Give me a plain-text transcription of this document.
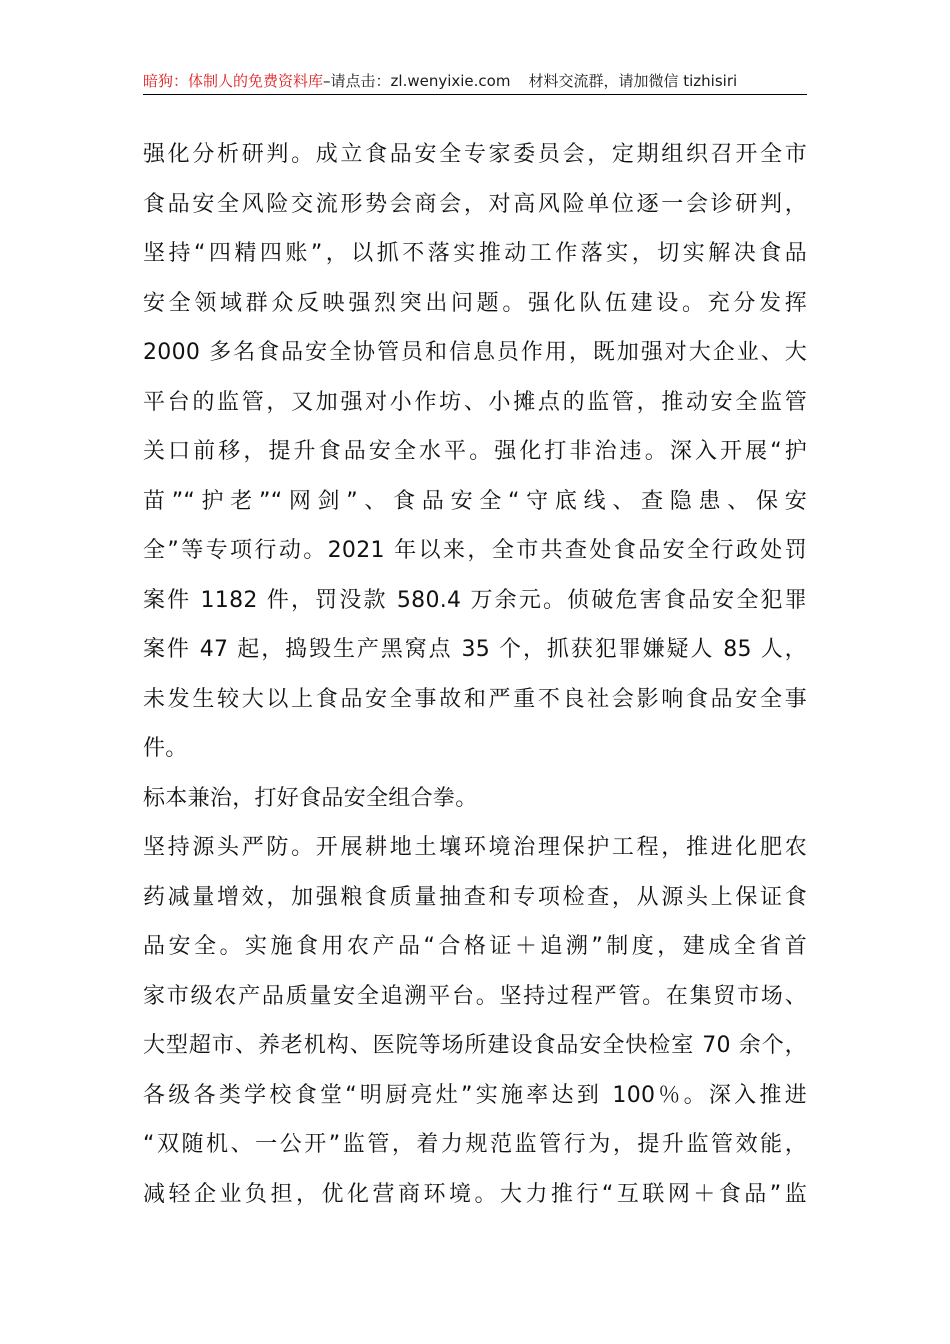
暗狗：体制人的免费资料库–请点击：zl.wenyixie.com 材料交流群，请加微信 tizhisiri
强化分析研判。成立食品安全专家委员会，定期组织召开全市
食品安全风险交流形势会商会，对高风险单位逐一会诊研判，
坚持“四精四账”，以抓不落实推动工作落实，切实解决食品
安全领域群众反映强烈突出问题。强化队伍建设。充分发挥
2000 多名食品安全协管员和信息员作用，既加强对大企业、大
平台的监管，又加强对小作坊、小摊点的监管，推动安全监管
关口前移，提升食品安全水平。强化打非治违。深入开展“护
苗”“护老”“网剑”、食品安全“守底线、查隐患、保安
全”等专项行动。2021 年以来，全市共查处食品安全行政处罚
案件 1182 件，罚没款 580.4 万余元。侦破危害食品安全犯罪
案件 47 起，捣毁生产黑窝点 35 个，抓获犯罪嫌疑人 85 人，
未发生较大以上食品安全事故和严重不良社会影响食品安全事
件。
标本兼治，打好食品安全组合拳。
坚持源头严防。开展耕地土壤环境治理保护工程，推进化肥农
药减量增效，加强粮食质量抽查和专项检查，从源头上保证食
品安全。实施食用农产品“合格证＋追溯”制度，建成全省首
家市级农产品质量安全追溯平台。坚持过程严管。在集贸市场、
大型超市、养老机构、医院等场所建设食品安全快检室 70 余个，
各级各类学校食堂“明厨亮灶”实施率达到 100％。深入推进
“双随机、一公开”监管，着力规范监管行为，提升监管效能，
减轻企业负担，优化营商环境。大力推行“互联网＋食品”监
